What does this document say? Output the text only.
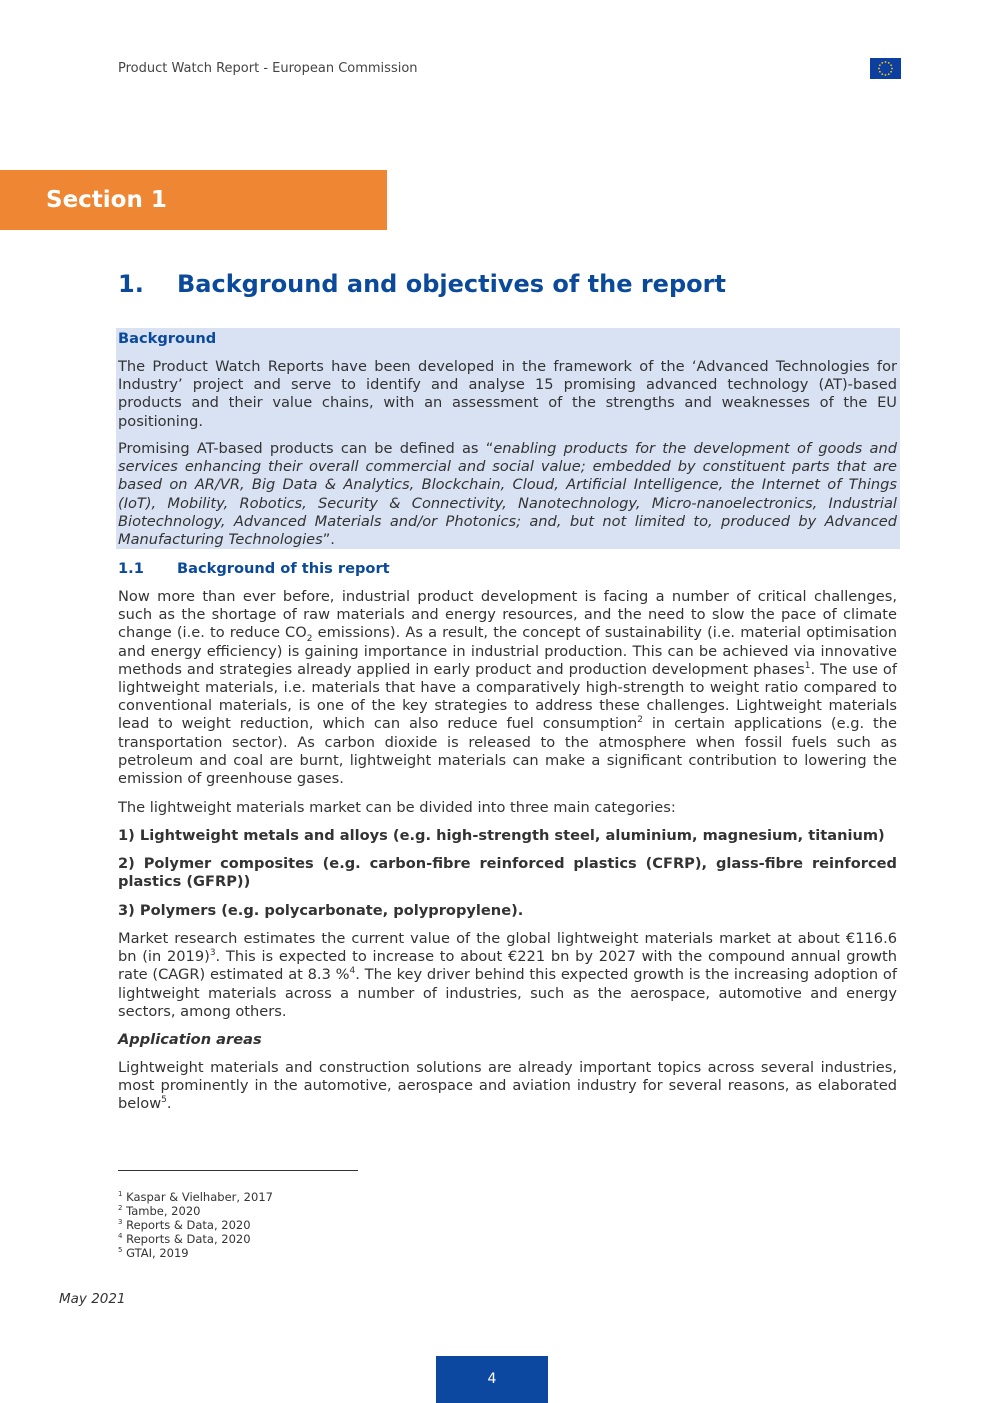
Product Watch Report - European Commission
Section 1
1. Background and objectives of the report
Background
The Product Watch Reports have been developed in the framework of the ‘Advanced Technologies for Industry’ project and serve to identify and analyse 15 promising advanced technology (AT)-based products and their value chains, with an assessment of the strengths and weaknesses of the EU positioning.
Promising AT-based products can be defined as “enabling products for the development of goods and services enhancing their overall commercial and social value; embedded by constituent parts that are based on AR/VR, Big Data & Analytics, Blockchain, Cloud, Artificial Intelligence, the Internet of Things (IoT), Mobility, Robotics, Security & Connectivity, Nanotechnology, Micro-nanoelectronics, Industrial Biotechnology, Advanced Materials and/or Photonics; and, but not limited to, produced by Advanced Manufacturing Technologies”.
1.1 Background of this report
Now more than ever before, industrial product development is facing a number of critical challenges, such as the shortage of raw materials and energy resources, and the need to slow the pace of climate change (i.e. to reduce $CO_2$ emissions). As a result, the concept of sustainability (i.e. material optimisation and energy efficiency) is gaining importance in industrial production. This can be achieved via innovative methods and strategies already applied in early product and production development phases$^1$. The use of lightweight materials, i.e. materials that have a comparatively high-strength to weight ratio compared to conventional materials, is one of the key strategies to address these challenges. Lightweight materials lead to weight reduction, which can also reduce fuel consumption$^2$ in certain applications (e.g. the transportation sector). As carbon dioxide is released to the atmosphere when fossil fuels such as petroleum and coal are burnt, lightweight materials can make a significant contribution to lowering the emission of greenhouse gases.
The lightweight materials market can be divided into three main categories:
1) Lightweight metals and alloys (e.g. high-strength steel, aluminium, magnesium, titanium)
2) Polymer composites (e.g. carbon-fibre reinforced plastics (CFRP), glass-fibre reinforced plastics (GFRP))
3) Polymers (e.g. polycarbonate, polypropylene).
Market research estimates the current value of the global lightweight materials market at about €116.6 bn (in 2019)$^3$. This is expected to increase to about €221 bn by 2027 with the compound annual growth rate (CAGR) estimated at 8.3 %$^4$. The key driver behind this expected growth is the increasing adoption of lightweight materials across a number of industries, such as the aerospace, automotive and energy sectors, among others.
Application areas
Lightweight materials and construction solutions are already important topics across several industries, most prominently in the automotive, aerospace and aviation industry for several reasons, as elaborated below$^5$.
$^1$ Kaspar & Vielhaber, 2017
$^2$ Tambe, 2020
$^3$ Reports & Data, 2020
$^4$ Reports & Data, 2020
$^5$ GTAI, 2019
May 2021
4
